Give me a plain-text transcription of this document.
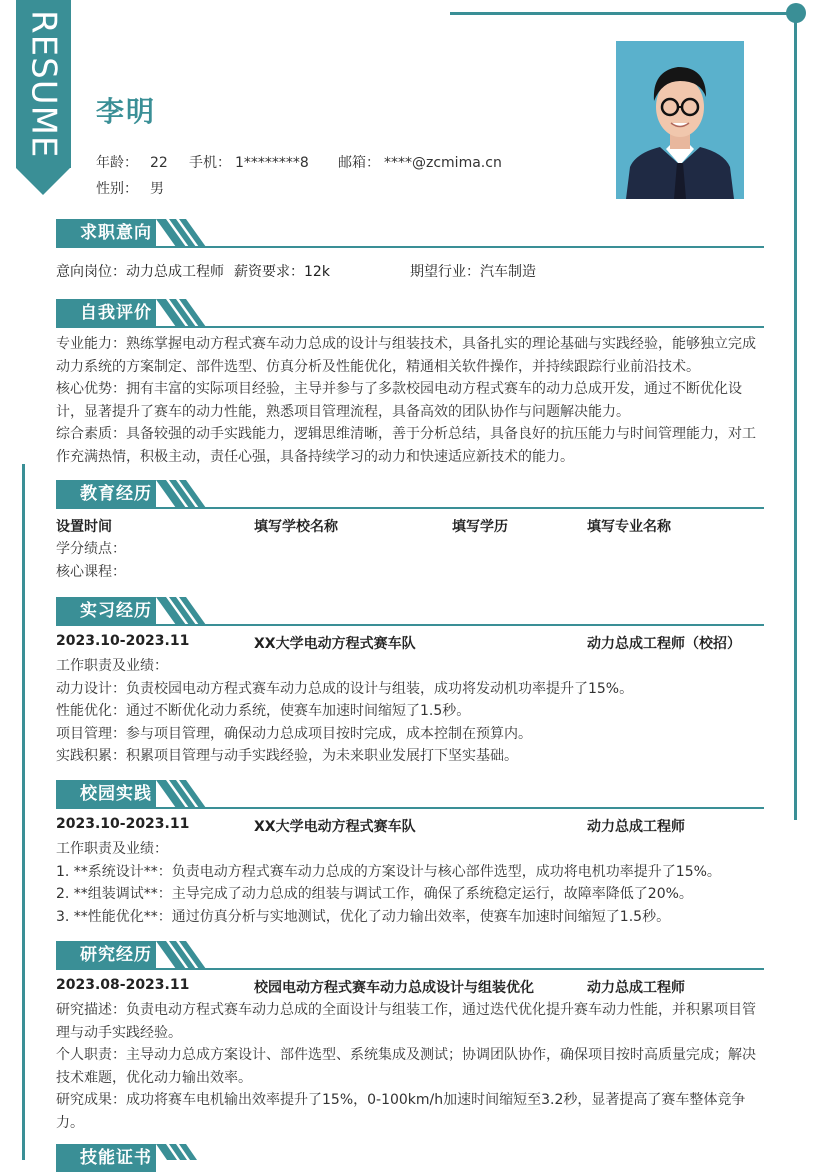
RESUME 李明
年龄： 22 手机： 1********8 邮箱： ****@zcmima.cn
性别： 男
求职意向
意向岗位：动力总成工程师 薪资要求：12k	期望行业：汽车制造
自我评价

专业能力：熟练掌握电动方程式赛车动力总成的设计与组装技术，具备扎实的理论基础与实践经验，能够独立完成动力系统的方案制定、部件选型、仿真分析及性能优化，精通相关软件操作，并持续跟踪行业前沿技术。

核心优势：拥有丰富的实际项目经验，主导并参与了多款校园电动方程式赛车的动力总成开发，通过不断优化设计，显著提升了赛车的动力性能，熟悉项目管理流程，具备高效的团队协作与问题解决能力。

综合素质：具备较强的动手实践能力，逻辑思维清晰，善于分析总结，具备良好的抗压能力与时间管理能力，对工作充满热情，积极主动，责任心强，具备持续学习的动力和快速适应新技术的能力。

教育经历
设置时间	填写学校名称	填写学历	填写专业名称

学分绩点：

核心课程：

实习经历
2023.10-2023.11	XX大学电动方程式赛车队	动力总成工程师（校招）

工作职责及业绩：

动力设计：负责校园电动方程式赛车动力总成的设计与组装，成功将发动机功率提升了15%。

性能优化：通过不断优化动力系统，使赛车加速时间缩短了1.5秒。

项目管理：参与项目管理，确保动力总成项目按时完成，成本控制在预算内。

实践积累：积累项目管理与动手实践经验，为未来职业发展打下坚实基础。

校园实践
2023.10-2023.11	XX大学电动方程式赛车队	动力总成工程师

工作职责及业绩：

1. **系统设计**：负责电动方程式赛车动力总成的方案设计与核心部件选型，成功将电机功率提升了15%。

2. **组装调试**：主导完成了动力总成的组装与调试工作，确保了系统稳定运行，故障率降低了20%。

3. **性能优化**：通过仿真分析与实地测试，优化了动力输出效率，使赛车加速时间缩短了1.5秒。

研究经历
2023.08-2023.11	校园电动方程式赛车动力总成设计与组装优化	动力总成工程师

研究描述：负责电动方程式赛车动力总成的全面设计与组装工作，通过迭代优化提升赛车动力性能，并积累项目管理与动手实践经验。

个人职责：主导动力总成方案设计、部件选型、系统集成及测试；协调团队协作，确保项目按时高质量完成；解决技术难题，优化动力输出效率。

研究成果：成功将赛车电机输出效率提升了15%，0-100km/h加速时间缩短至3.2秒，显著提高了赛车整体竞争力。

技能证书
